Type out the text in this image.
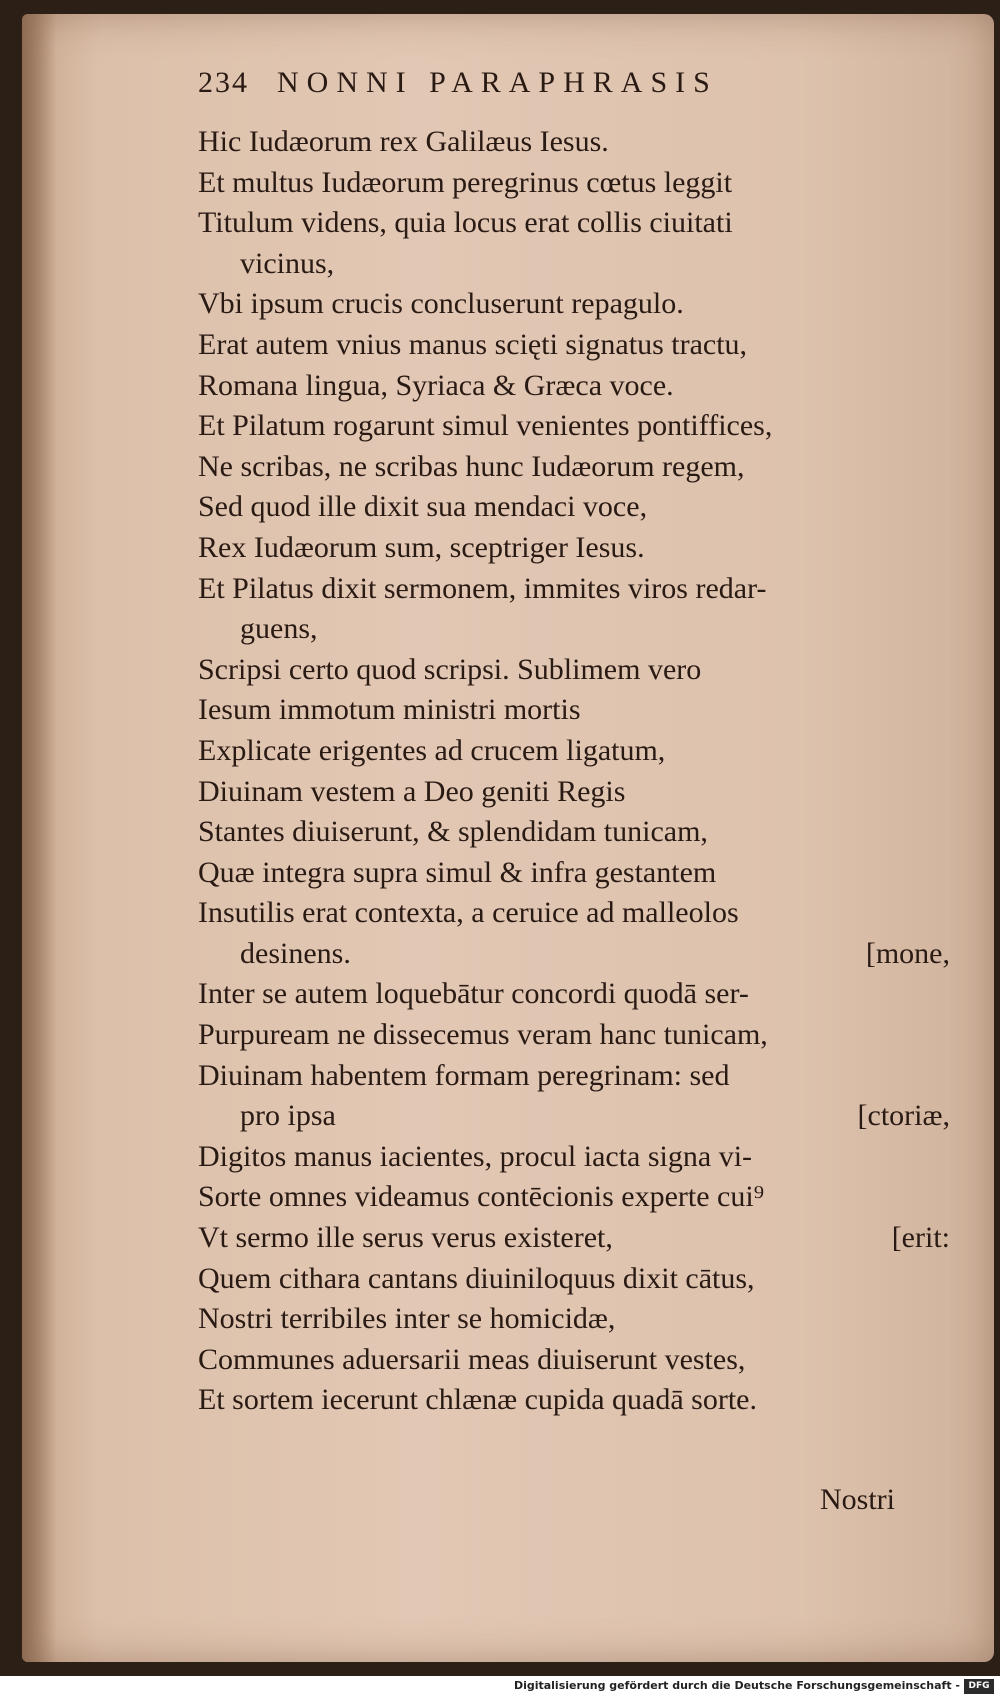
234 NONNI PARAPHRASIS
Hic Iudæorum rex Galilæus Iesus.
Et multus Iudæorum peregrinus cœtus leggit
Titulum videns, quia locus erat collis ciuitati
vicinus,
Vbi ipsum crucis concluserunt repagulo.
Erat autem vnius manus scięti signatus tractu,
Romana lingua, Syriaca & Græca voce.
Et Pilatum rogarunt simul venientes pontiffices,
Ne scribas, ne scribas hunc Iudæorum regem,
Sed quod ille dixit sua mendaci voce,
Rex Iudæorum sum, sceptriger Iesus.
Et Pilatus dixit sermonem, immites viros redar-
guens,
Scripsi certo quod scripsi. Sublimem vero
Iesum immotum ministri mortis
Explicate erigentes ad crucem ligatum,
Diuinam vestem a Deo geniti Regis
Stantes diuiserunt, & splendidam tunicam,
Quæ integra supra simul & infra gestantem
Insutilis erat contexta, a ceruice ad malleolos
desinens.	[mone,
Inter se autem loquebātur concordi quodā ser-
Purpuream ne dissecemus veram hanc tunicam,
Diuinam habentem formam peregrinam: sed
pro ipsa	[ctoriæ,
Digitos manus iacientes, procul iacta signa vi-
Sorte omnes videamus contēcionis experte cui⁹
Vt sermo ille serus verus existeret,	[erit:
Quem cithara cantans diuiniloquus dixit cātus,
Nostri terribiles inter se homicidæ,
Communes aduersarii meas diuiserunt vestes,
Et sortem iecerunt chlænæ cupida quadā sorte.
Nostri
Digitalisierung gefördert durch die Deutsche Forschungsgemeinschaft - DFG
